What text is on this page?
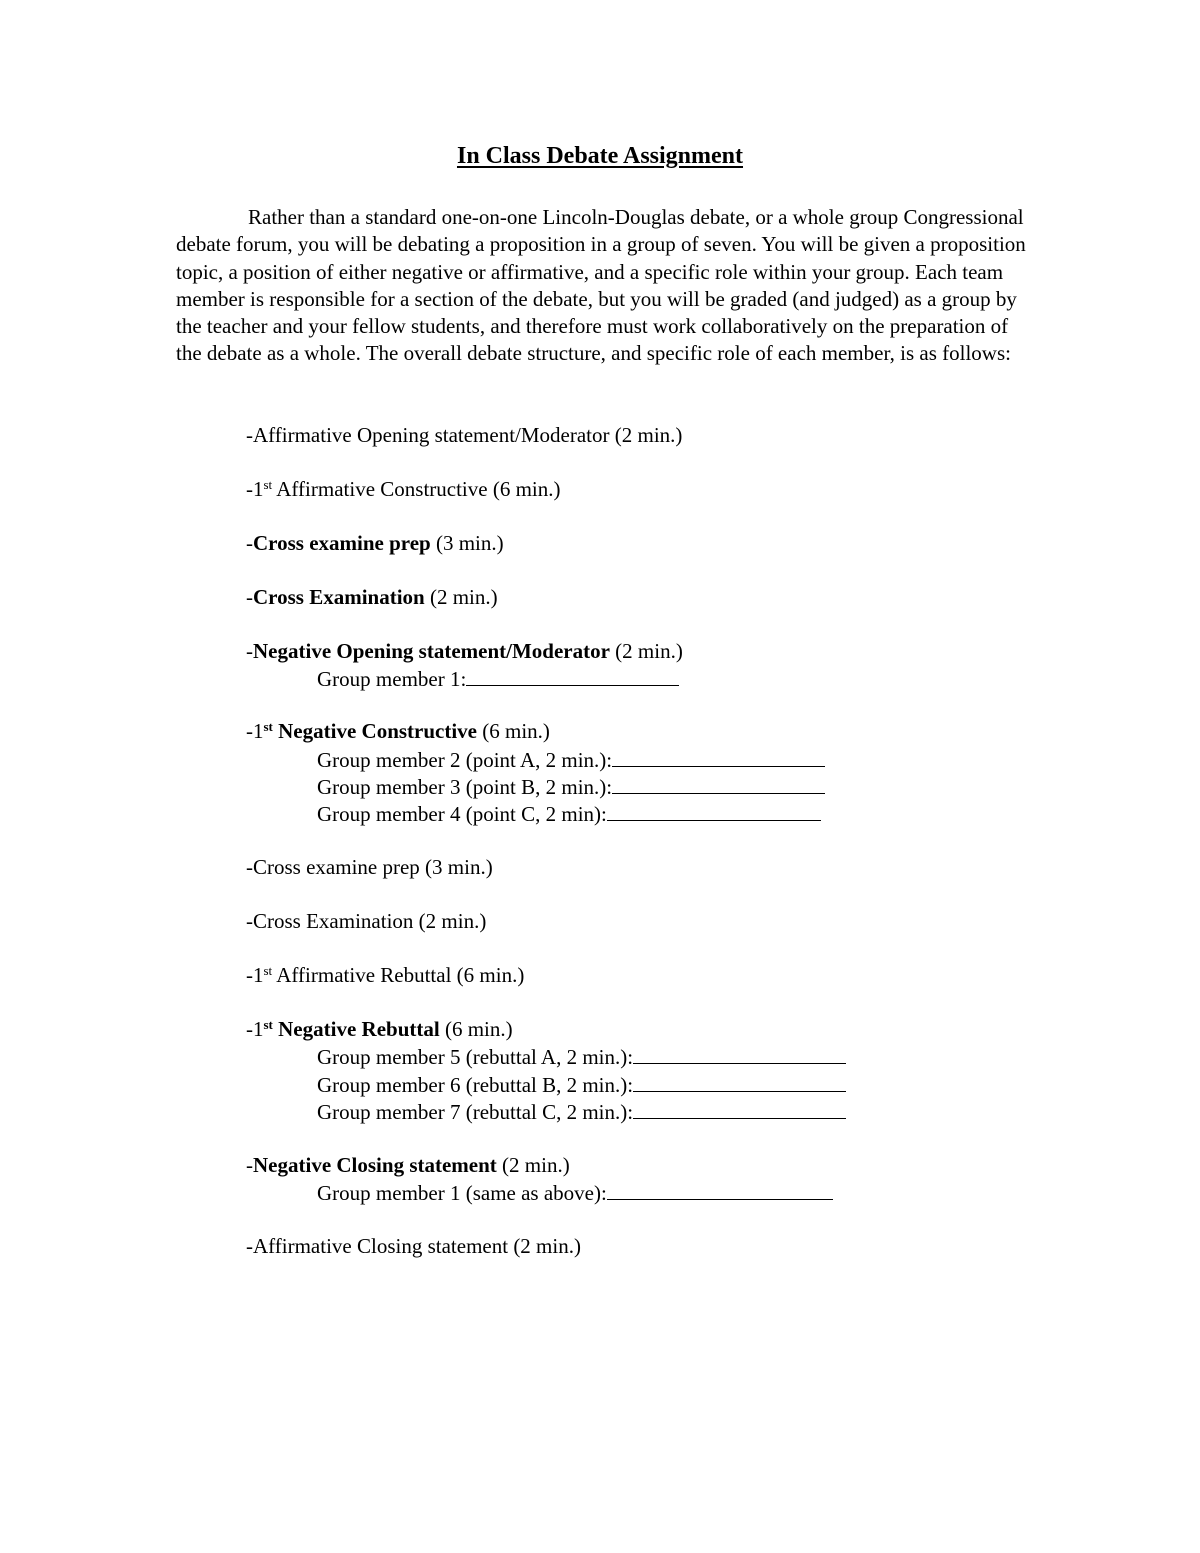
In Class Debate Assignment

Rather than a standard one-on-one Lincoln-Douglas debate, or a whole group Congressional debate forum, you will be debating a proposition in a group of seven. You will be given a proposition topic, a position of either negative or affirmative, and a specific role within your group. Each team member is responsible for a section of the debate, but you will be graded (and judged) as a group by the teacher and your fellow students, and therefore must work collaboratively on the preparation of the debate as a whole. The overall debate structure, and specific role of each member, is as follows:

-Affirmative Opening statement/Moderator (2 min.)
-1st Affirmative Constructive (6 min.)
-Cross examine prep (3 min.)
-Cross Examination (2 min.)
-Negative Opening statement/Moderator (2 min.)
Group member 1:
-1st Negative Constructive (6 min.)
Group member 2 (point A, 2 min.):
Group member 3 (point B, 2 min.):
Group member 4 (point C, 2 min):
-Cross examine prep (3 min.)
-Cross Examination (2 min.)
-1st Affirmative Rebuttal (6 min.)
-1st Negative Rebuttal (6 min.)
Group member 5 (rebuttal A, 2 min.):
Group member 6 (rebuttal B, 2 min.):
Group member 7 (rebuttal C, 2 min.):
-Negative Closing statement (2 min.)
Group member 1 (same as above):
-Affirmative Closing statement (2 min.)
